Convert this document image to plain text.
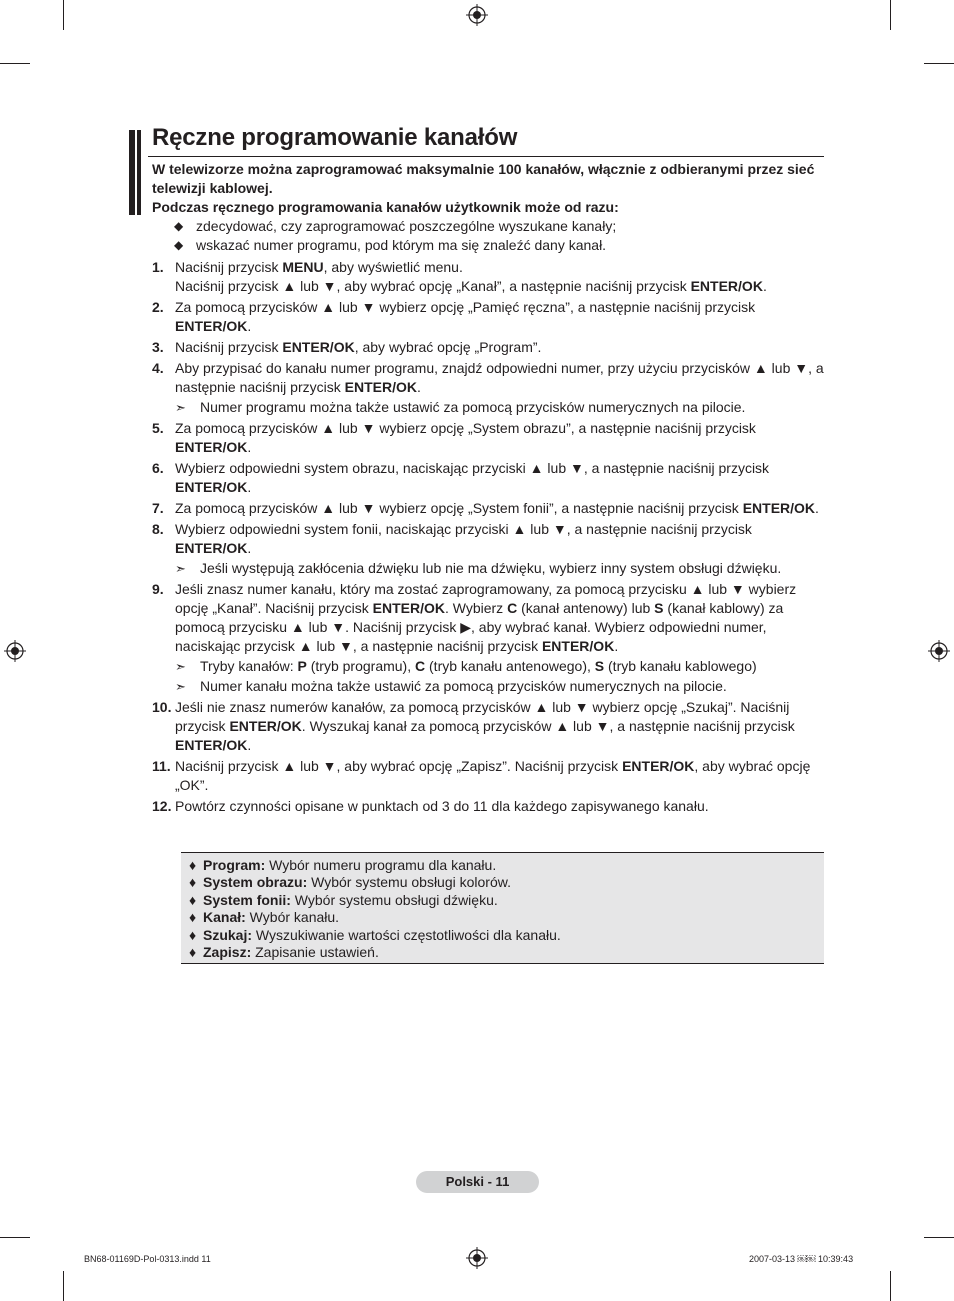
Ręczne programowanie kanałów

W telewizorze można zaprogramować maksymalnie 100 kanałów, włącznie z odbieranymi przez sieć telewizji kablowej.

Podczas ręcznego programowania kanałów użytkownik może od razu:

◆ zdecydować, czy zaprogramować poszczególne wyszukane kanały;
◆ wskazać numer programu, pod którym ma się znaleźć dany kanał.
1. Naciśnij przycisk MENU, aby wyświetlić menu.
Naciśnij przycisk ▲ lub ▼, aby wybrać opcję „Kanał”, a następnie naciśnij przycisk ENTER/OK.
2. Za pomocą przycisków ▲ lub ▼ wybierz opcję „Pamięć ręczna”, a następnie naciśnij przycisk ENTER/OK.
3. Naciśnij przycisk ENTER/OK, aby wybrać opcję „Program”.
4. Aby przypisać do kanału numer programu, znajdź odpowiedni numer, przy użyciu przycisków ▲ lub ▼, a następnie naciśnij przycisk ENTER/OK.
➣	Numer programu można także ustawić za pomocą przycisków numerycznych na pilocie.
5. Za pomocą przycisków ▲ lub ▼ wybierz opcję „System obrazu”, a następnie naciśnij przycisk ENTER/OK.
6. Wybierz odpowiedni system obrazu, naciskając przyciski ▲ lub ▼, a następnie naciśnij przycisk ENTER/OK.
7. Za pomocą przycisków ▲ lub ▼ wybierz opcję „System fonii”, a następnie naciśnij przycisk ENTER/OK.
8. Wybierz odpowiedni system fonii, naciskając przyciski ▲ lub ▼, a następnie naciśnij przycisk ENTER/OK.
➣	Jeśli występują zakłócenia dźwięku lub nie ma dźwięku, wybierz inny system obsługi dźwięku.
9. Jeśli znasz numer kanału, który ma zostać zaprogramowany, za pomocą przycisku ▲ lub ▼ wybierz opcję „Kanał”. Naciśnij przycisk ENTER/OK. Wybierz C (kanał antenowy) lub S (kanał kablowy) za pomocą przycisku ▲ lub ▼. Naciśnij przycisk ▶, aby wybrać kanał. Wybierz odpowiedni numer, naciskając przycisk ▲ lub ▼, a następnie naciśnij przycisk ENTER/OK.
➣	Tryby kanałów: P (tryb programu), C (tryb kanału antenowego), S (tryb kanału kablowego)
➣	Numer kanału można także ustawić za pomocą przycisków numerycznych na pilocie.
10. Jeśli nie znasz numerów kanałów, za pomocą przycisków ▲ lub ▼ wybierz opcję „Szukaj”. Naciśnij przycisk ENTER/OK. Wyszukaj kanał za pomocą przycisków ▲ lub ▼, a następnie naciśnij przycisk ENTER/OK.
11. Naciśnij przycisk ▲ lub ▼, aby wybrać opcję „Zapisz”. Naciśnij przycisk ENTER/OK, aby wybrać opcję „OK”.
12. Powtórz czynności opisane w punktach od 3 do 11 dla każdego zapisywanego kanału.
♦ Program: Wybór numeru programu dla kanału.
♦ System obrazu: Wybór systemu obsługi kolorów.
♦ System fonii: Wybór systemu obsługi dźwięku.
♦ Kanał: Wybór kanału.
♦ Szukaj: Wyszukiwanie wartości częstotliwości dla kanału.
♦ Zapisz: Zapisanie ustawień.
Polski - 11
BN68-01169D-Pol-0313.indd 11	2007-03-13 ￼￼ 10:39:43
